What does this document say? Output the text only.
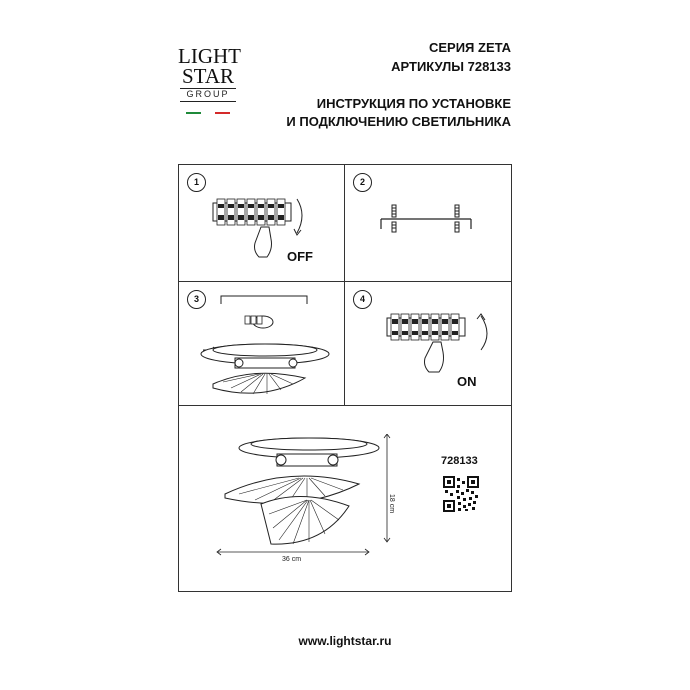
LIGHT
STAR
GROUP
СЕРИЯ ZETA
АРТИКУЛЫ 728133
ИНСТРУКЦИЯ ПО УСТАНОВКЕ
И ПОДКЛЮЧЕНИЮ СВЕТИЛЬНИКА
1
OFF
2
3	4
ON
36 cm
18 cm
728133
www.lightstar.ru
